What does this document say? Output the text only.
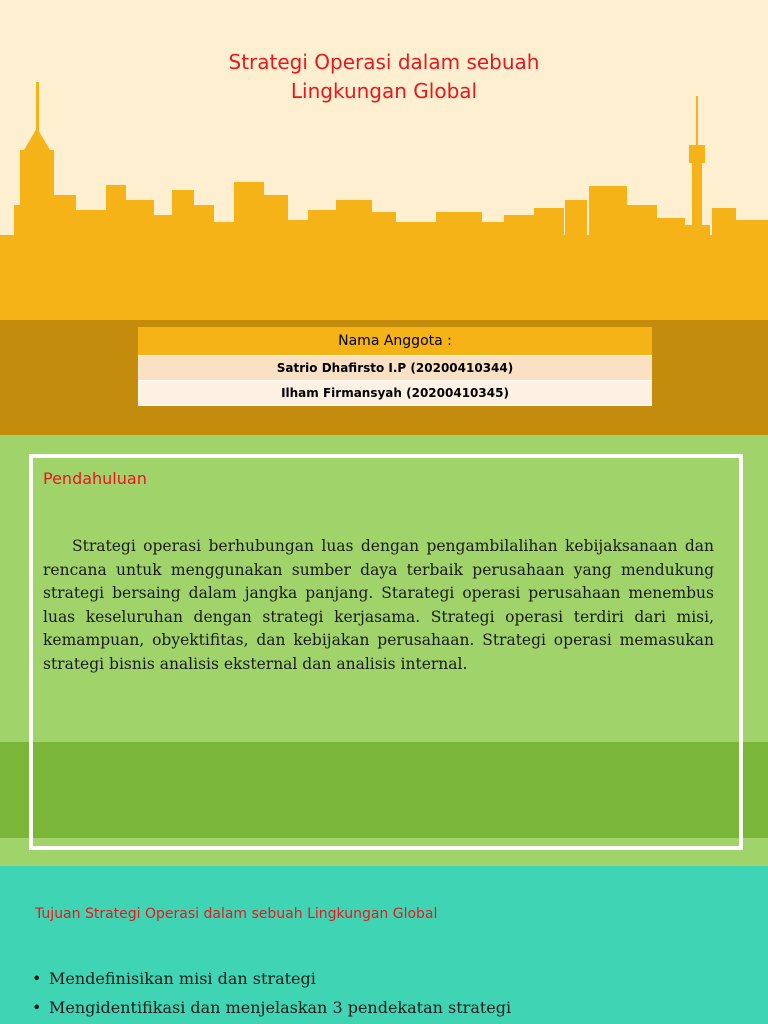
Strategi Operasi dalam sebuah
Lingkungan Global
Nama Anggota :
Satrio Dhafirsto I.P (20200410344)
Ilham Firmansyah (20200410345)
Pendahuluan
Strategi operasi berhubungan luas dengan pengambilalihan kebijaksanaan dan rencana untuk menggunakan sumber daya terbaik perusahaan yang mendukung strategi bersaing dalam jangka panjang. Starategi operasi perusahaan menembus luas keseluruhan dengan strategi kerjasama. Strategi operasi terdiri dari misi, kemampuan, obyektifitas, dan kebijakan perusahaan. Strategi operasi memasukan strategi bisnis analisis eksternal dan analisis internal.
Tujuan Strategi Operasi dalam sebuah Lingkungan Global
• Mendefinisikan misi dan strategi
• Mengidentifikasi dan menjelaskan 3 pendekatan strategi
